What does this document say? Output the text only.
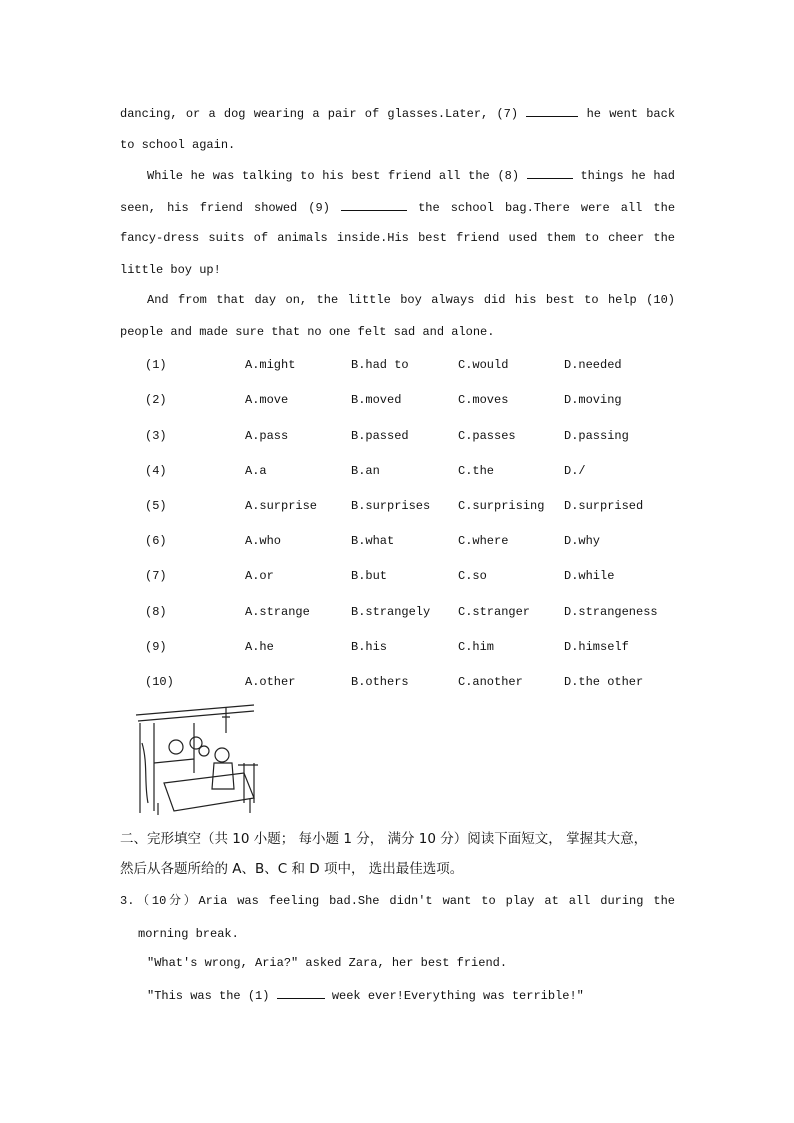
dancing, or a dog wearing a pair of glasses.Later, (7)	he went back
to school again.
While he was talking to his best friend all the (8)	things he had
seen, his friend showed (9)	the school bag.There were all the
fancy-dress suits of animals inside.His best friend used them to cheer the
little boy up!
And from that day on, the little boy always did his best to help (10)
people and made sure that no one felt sad and alone.
(1)	A.might	B.had to	C.would	D.needed
(2)	A.move	B.moved	C.moves	D.moving
(3)	A.pass	B.passed	C.passes	D.passing
(4)	A.a	B.an	C.the	D./
(5)	A.surprise	B.surprises C.surprising D.surprised
(6)	A.who	B.what	C.where	D.why
(7)	A.or	B.but	C.so	D.while
(8)	A.strange	B.strangely C.stranger	D.strangeness
(9)	A.he	B.his	C.him	D.himself
(10)	A.other	B.others	C.another	D.the other
二、完形填空（共 10 小题； 每小题 1 分， 满分 10 分）阅读下面短文， 掌握其大意，
然后从各题所给的 A、B、C 和 D 项中， 选出最佳选项。
3.（10分）Aria was feeling bad.She didn't want to play at all during the
morning break.
"What's wrong, Aria?" asked Zara, her best friend.
"This was the (1)	week ever!Everything was terrible!"
